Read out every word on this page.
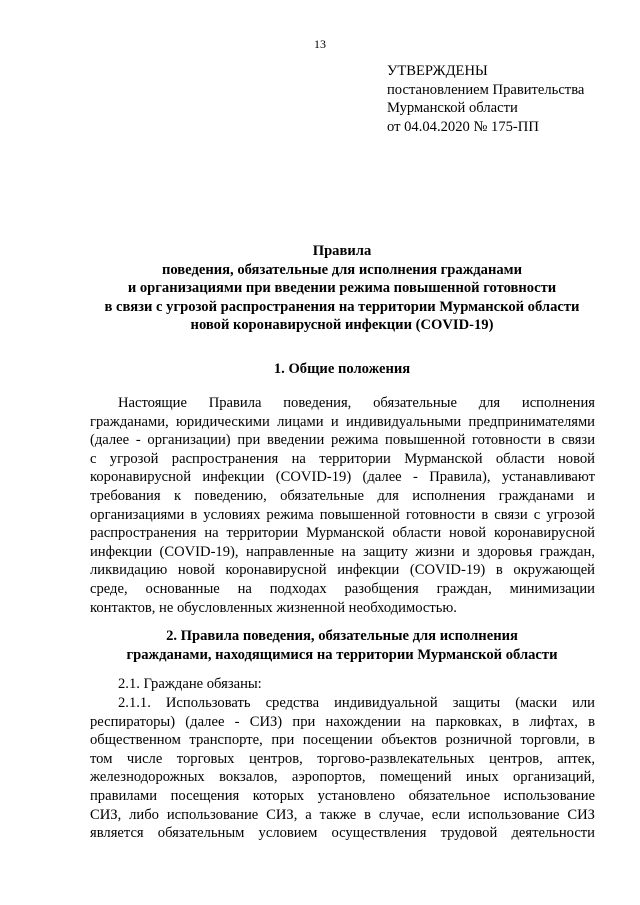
13
УТВЕРЖДЕНЫ
постановлением Правительства
Мурманской области
от 04.04.2020 № 175-ПП
Правила
поведения, обязательные для исполнения гражданами
и организациями при введении режима повышенной готовности
в связи с угрозой распространения на территории Мурманской области
новой коронавирусной инфекции (COVID-19)
1. Общие положения
Настоящие Правила поведения, обязательные для исполнения
гражданами, юридическими лицами и индивидуальными предпринимателями
(далее - организации) при введении режима повышенной готовности в связи
с угрозой распространения на территории Мурманской области новой
коронавирусной инфекции (COVID-19) (далее - Правила), устанавливают
требования к поведению, обязательные для исполнения гражданами и
организациями в условиях режима повышенной готовности в связи с угрозой
распространения на территории Мурманской области новой коронавирусной
инфекции (COVID-19), направленные на защиту жизни и здоровья граждан,
ликвидацию новой коронавирусной инфекции (COVID-19) в окружающей
среде, основанные на подходах разобщения граждан, минимизации
контактов, не обусловленных жизненной необходимостью.
2. Правила поведения, обязательные для исполнения
гражданами, находящимися на территории Мурманской области
2.1. Граждане обязаны:
2.1.1. Использовать средства индивидуальной защиты (маски или
респираторы) (далее - СИЗ) при нахождении на парковках, в лифтах, в
общественном транспорте, при посещении объектов розничной торговли, в
том числе торговых центров, торгово-развлекательных центров, аптек,
железнодорожных вокзалов, аэропортов, помещений иных организаций,
правилами посещения которых установлено обязательное использование
СИЗ, либо использование СИЗ, а также в случае, если использование СИЗ
является обязательным условием осуществления трудовой деятельности
